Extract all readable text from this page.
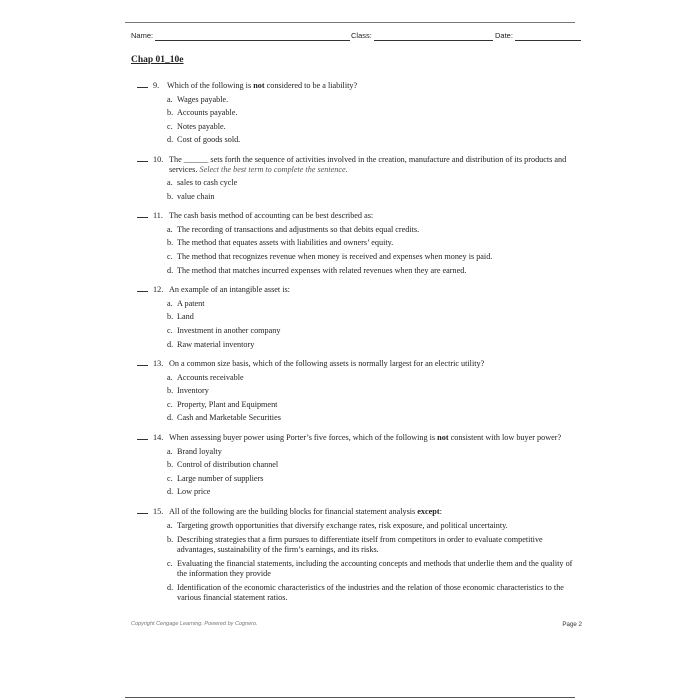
Name:	Class:	Date:
Chap 01_10e
9. Which of the following is not considered to be a liability?
a. Wages payable.
b. Accounts payable.
c. Notes payable.
d. Cost of goods sold.
10. The ______ sets forth the sequence of activities involved in the creation, manufacture and distribution of its products and services. Select the best term to complete the sentence.
a. sales to cash cycle
b. value chain
11. The cash basis method of accounting can be best described as:
a. The recording of transactions and adjustments so that debits equal credits.
b. The method that equates assets with liabilities and owners’ equity.
c. The method that recognizes revenue when money is received and expenses when money is paid.
d. The method that matches incurred expenses with related revenues when they are earned.
12. An example of an intangible asset is:
a. A patent
b. Land
c. Investment in another company
d. Raw material inventory
13. On a common size basis, which of the following assets is normally largest for an electric utility?
a. Accounts receivable
b. Inventory
c. Property, Plant and Equipment
d. Cash and Marketable Securities
14. When assessing buyer power using Porter’s five forces, which of the following is not consistent with low buyer power?
a. Brand loyalty
b. Control of distribution channel
c. Large number of suppliers
d. Low price
15. All of the following are the building blocks for financial statement analysis except:
a. Targeting growth opportunities that diversify exchange rates, risk exposure, and political uncertainty.
b. Describing strategies that a firm pursues to differentiate itself from competitors in order to evaluate competitive advantages, sustainability of the firm’s earnings, and its risks.
c. Evaluating the financial statements, including the accounting concepts and methods that underlie them and the quality of the information they provide
d. Identification of the economic characteristics of the industries and the relation of those economic characteristics to the various financial statement ratios.
Copyright Cengage Learning. Powered by Cognero.	Page 2
